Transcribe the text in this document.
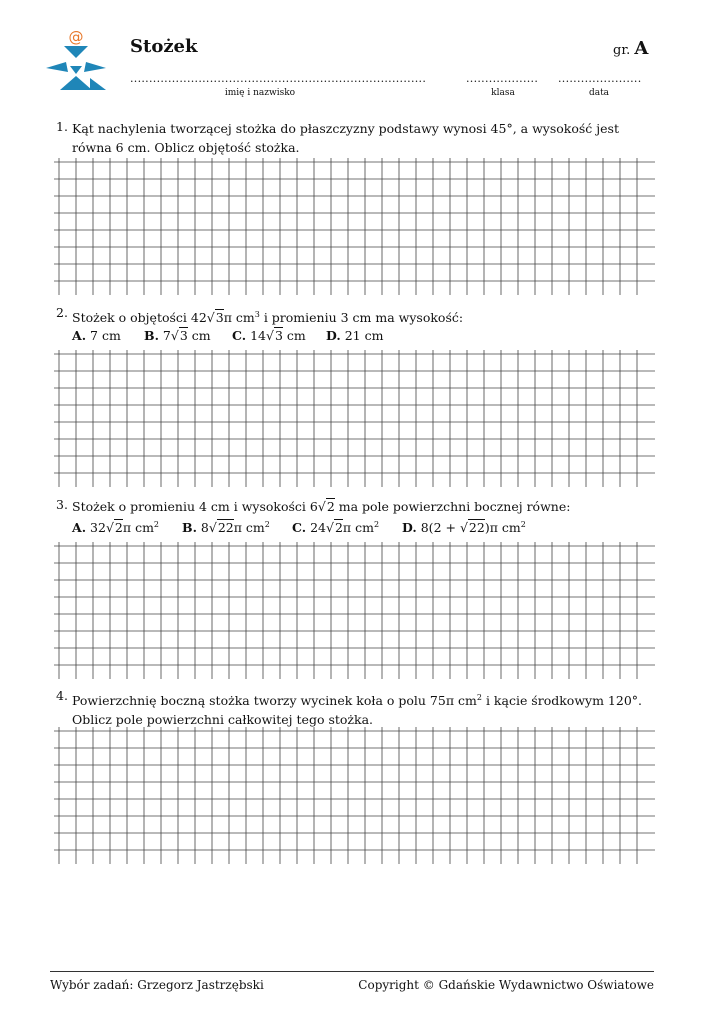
@	Stożek	gr. A
..............................................................................	................... ......................
imię i nazwisko	klasa	data
1. Kąt nachylenia tworzącej stożka do płaszczyzny podstawy wynosi 45°, a wysokość jest równa 6 cm. Oblicz objętość stożka.
2. Stożek o objętości 42√3π $cm^3$ i promieniu 3 cm ma wysokość:
A. 7 cm B. 7√3 cm C. 14√3 cm D. 21 cm
3. Stożek o promieniu 4 cm i wysokości 6√2 ma pole powierzchni bocznej równe:
A. 32√2π $cm^2$ B. 8√22π $cm^2$ C. 24√2π $cm^2$ D. 8(2 + √22)π $cm^2$
4. Powierzchnię boczną stożka tworzy wycinek koła o polu 75π $cm^2$ i kącie środkowym 120°. Oblicz pole powierzchni całkowitej tego stożka.
Wybór zadań: Grzegorz Jastrzębski	Copyright © Gdańskie Wydawnictwo Oświatowe
